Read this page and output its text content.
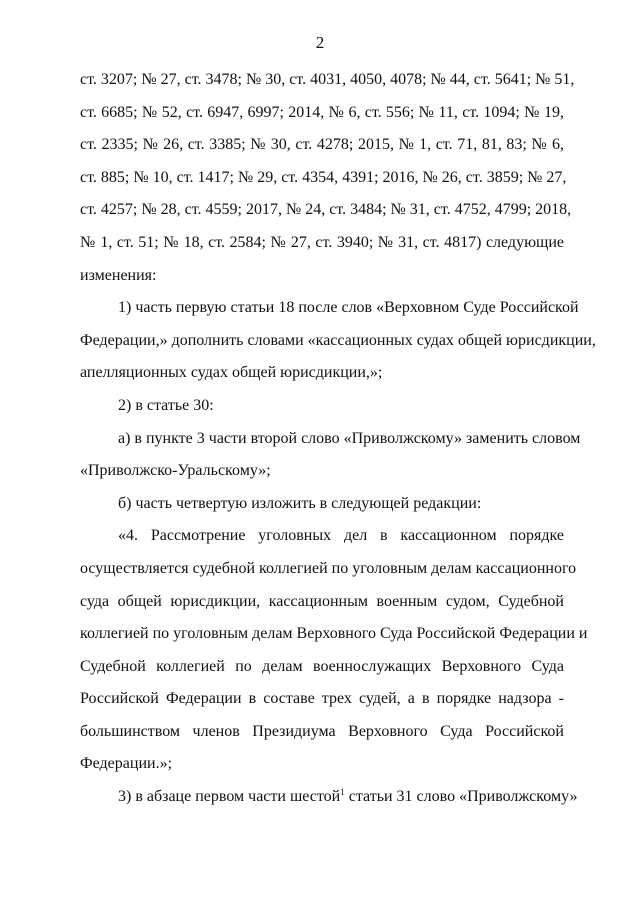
2
ст. 3207; № 27, ст. 3478; № 30, ст. 4031, 4050, 4078; № 44, ст. 5641; № 51,
ст. 6685; № 52, ст. 6947, 6997; 2014, № 6, ст. 556; № 11, ст. 1094; № 19,
ст. 2335; № 26, ст. 3385; № 30, ст. 4278; 2015, № 1, ст. 71, 81, 83; № 6,
ст. 885; № 10, ст. 1417; № 29, ст. 4354, 4391; 2016, № 26, ст. 3859; № 27,
ст. 4257; № 28, ст. 4559; 2017, № 24, ст. 3484; № 31, ст. 4752, 4799; 2018,
№ 1, ст. 51; № 18, ст. 2584; № 27, ст. 3940; № 31, ст. 4817) следующие
изменения:
1) часть первую статьи 18 после слов «Верховном Суде Российской
Федерации,» дополнить словами «кассационных судах общей юрисдикции,
апелляционных судах общей юрисдикции,»;
2) в статье 30:
а) в пункте 3 части второй слово «Приволжскому» заменить словом
«Приволжско-Уральскому»;
б) часть четвертую изложить в следующей редакции:
«4. Рассмотрение уголовных дел в кассационном порядке
осуществляется судебной коллегией по уголовным делам кассационного
суда общей юрисдикции, кассационным военным судом, Судебной
коллегией по уголовным делам Верховного Суда Российской Федерации и
Судебной коллегией по делам военнослужащих Верховного Суда
Российской Федерации в составе трех судей, а в порядке надзора -
большинством членов Президиума Верховного Суда Российской
Федерации.»;
3) в абзаце первом части шестой$^1$ статьи 31 слово «Приволжскому»
